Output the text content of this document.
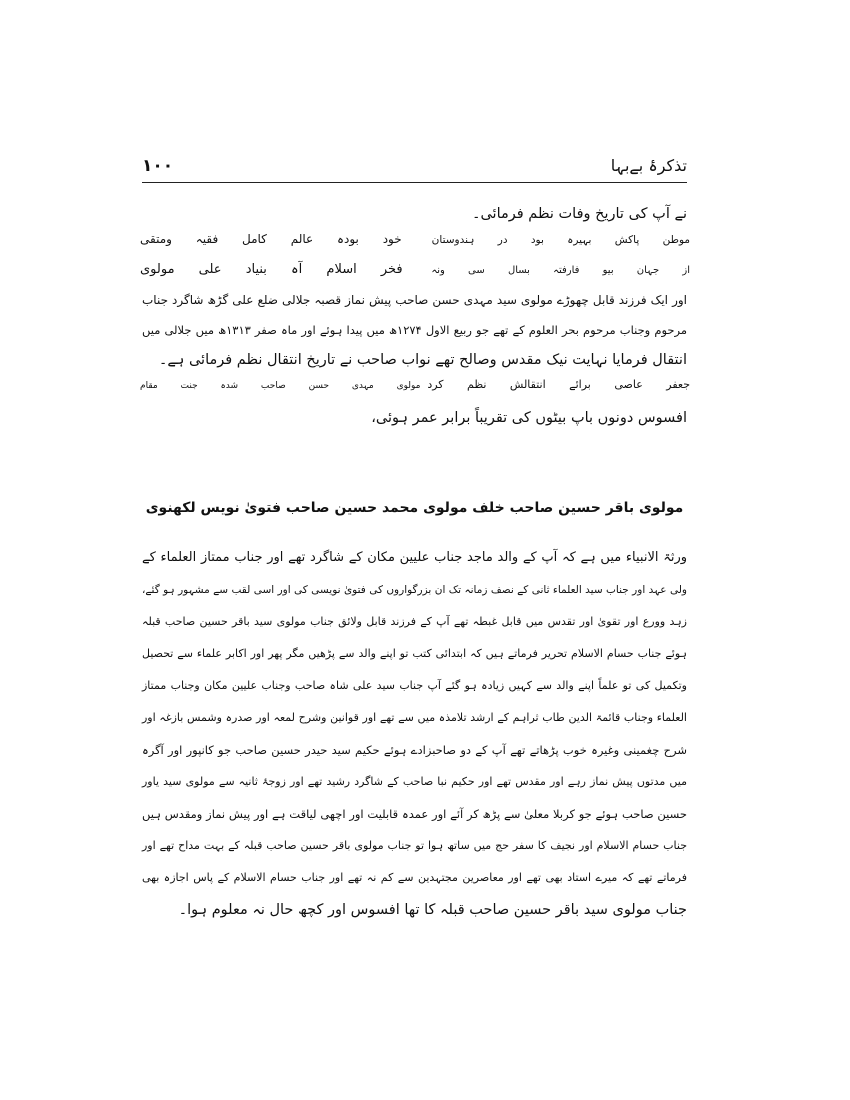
۱۰۰	تذکرۂ بےبہا
نے آپ کی تاریخ وفات نظم فرمائی۔
موطن پاکش بہیرہ بود در ہندوستان
خود بودہ عالم کامل فقیہ ومتقی
از جہان بیو فارفتہ بسال سی ونہ
فخر اسلام آہ بنیاد علی مولوی
اور ایک فرزند قابل چھوڑے مولوی سید مہدی حسن صاحب پیش نماز قصبہ جلالی ضلع علی گڑھ شاگرد جناب
مرحوم وجناب مرحوم بحر العلوم کے تھے جو ربیع الاول ۱۲۷۴ھ میں پیدا ہوئے اور ماہ صفر ۱۳۱۳ھ میں جلالی میں
انتقال فرمایا نہایت نیک مقدس وصالح تھے نواب صاحب نے تاریخ انتقال نظم فرمائی ہے۔
جعفر عاصی برائے انتقالش نظم کرد
مولوی مہدی حسن صاحب شدہ جنت مقام
افسوس دونوں باپ بیٹوں کی تقریباً برابر عمر ہوئی،
مولوی باقر حسین صاحب خلف مولوی محمد حسین صاحب فتویٰ نویس لکھنوی
ورثۃ الانبیاء میں ہے کہ آپ کے والد ماجد جناب علیین مکان کے شاگرد تھے اور جناب ممتاز العلماء کے
ولی عہد اور جناب سید العلماء ثانی کے نصف زمانہ تک ان بزرگواروں کی فتویٰ نویسی کی اور اسی لقب سے مشہور ہو گئے،
زہد وورع اور تقویٰ اور تقدس میں قابل غبطہ تھے آپ کے فرزند قابل ولائق جناب مولوی سید باقر حسین صاحب قبلہ
ہوئے جناب حسام الاسلام تحریر فرماتے ہیں کہ ابتدائی کتب تو اپنے والد سے پڑھیں مگر پھر اور اکابر علماء سے تحصیل
وتکمیل کی تو علماً اپنے والد سے کہیں زیادہ ہو گئے آپ جناب سید علی شاہ صاحب وجناب علیین مکان وجناب ممتاز
العلماء وجناب قائمۃ الدین طاب ثراہم کے ارشد تلامذہ میں سے تھے اور قوانین وشرح لمعہ اور صدرہ وشمس بازغہ اور
شرح چغمینی وغیرہ خوب پڑھاتے تھے آپ کے دو صاحبزادے ہوئے حکیم سید حیدر حسین صاحب جو کانپور اور آگرہ
میں مدتوں پیش نماز رہے اور مقدس تھے اور حکیم نبا صاحب کے شاگرد رشید تھے اور زوجۂ ثانیہ سے مولوی سید یاور
حسین صاحب ہوئے جو کربلا معلیٰ سے پڑھ کر آئے اور عمدہ قابلیت اور اچھی لیاقت ہے اور پیش نماز ومقدس ہیں
جناب حسام الاسلام اور نجیف کا سفر حج میں ساتھ ہوا تو جناب مولوی باقر حسین صاحب قبلہ کے بہت مداح تھے اور
فرماتے تھے کہ میرے استاد بھی تھے اور معاصرین مجتہدین سے کم نہ تھے اور جناب حسام الاسلام کے پاس اجازہ بھی
جناب مولوی سید باقر حسین صاحب قبلہ کا تھا افسوس اور کچھ حال نہ معلوم ہوا۔
